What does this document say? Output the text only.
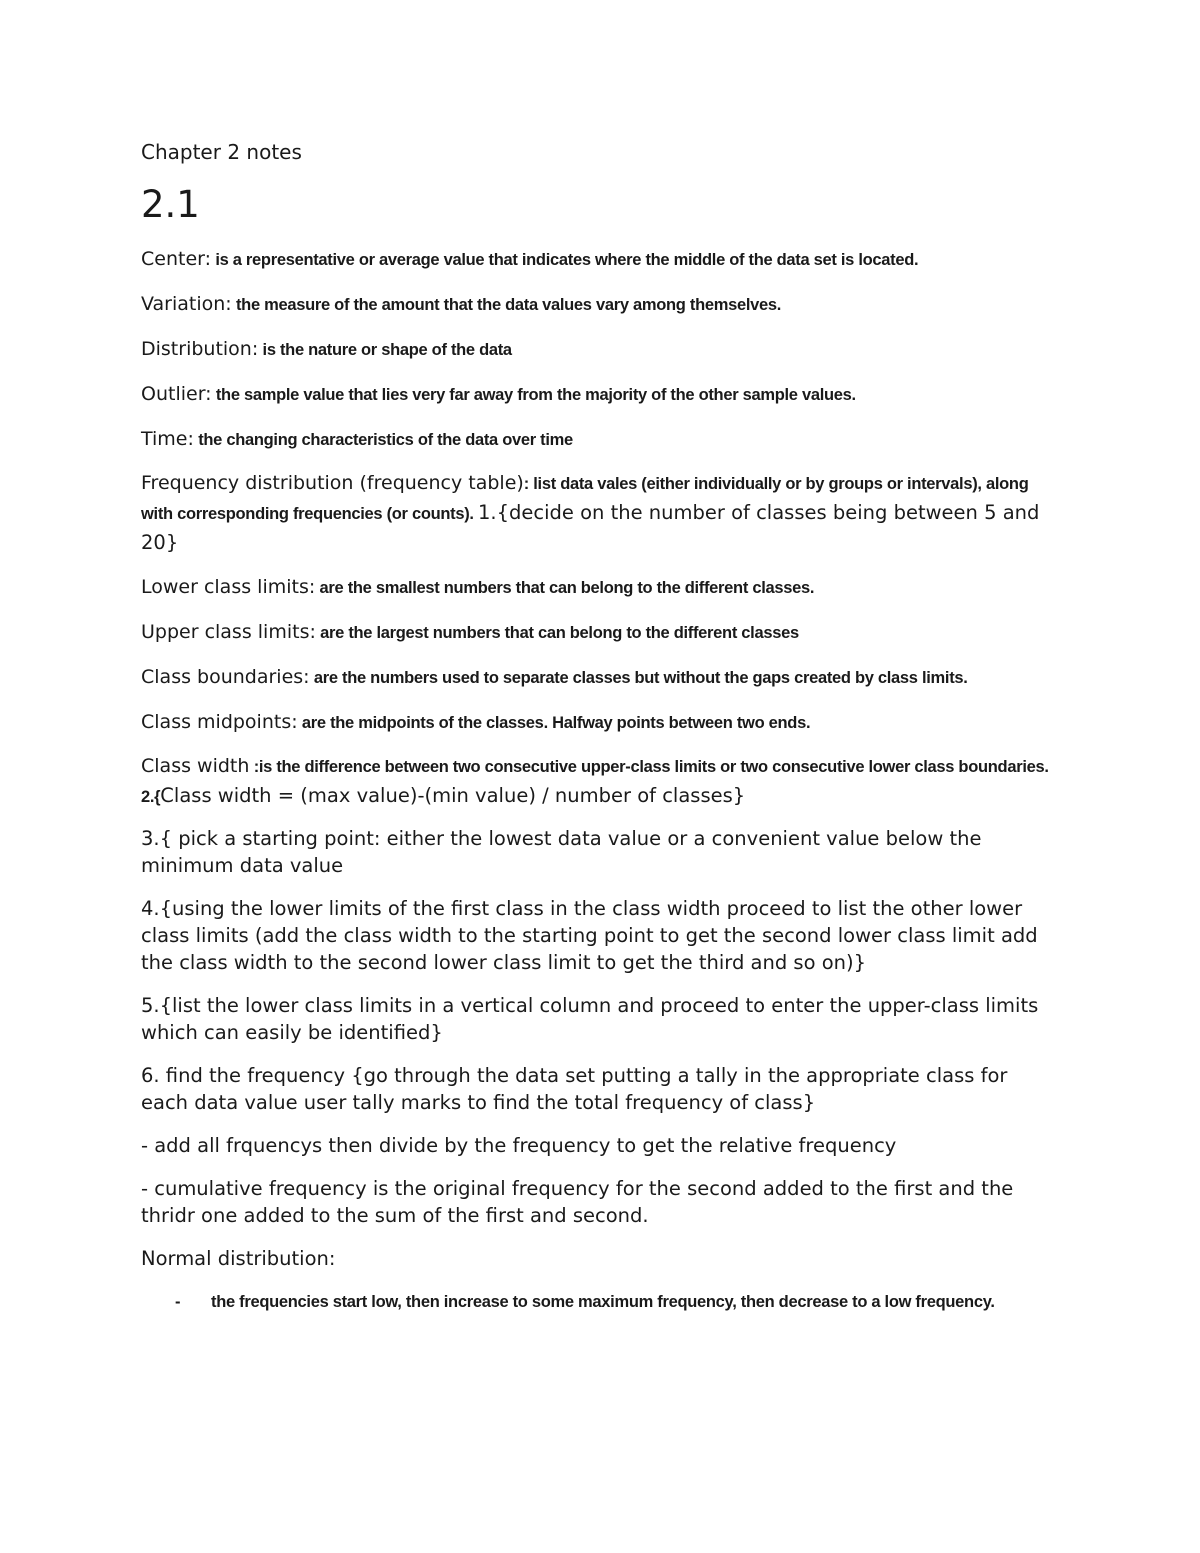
Chapter 2 notes
2.1

Center: is a representative or average value that indicates where the middle of the data set is located.

Variation: the measure of the amount that the data values vary among themselves.

Distribution: is the nature or shape of the data

Outlier: the sample value that lies very far away from the majority of the other sample values.

Time: the changing characteristics of the data over time

Frequency distribution (frequency table): list data vales (either individually or by groups or intervals), along with corresponding frequencies (or counts). 1.{decide on the number of classes being between 5 and 20}

Lower class limits: are the smallest numbers that can belong to the different classes.

Upper class limits: are the largest numbers that can belong to the different classes

Class boundaries: are the numbers used to separate classes but without the gaps created by class limits.

Class midpoints: are the midpoints of the classes. Halfway points between two ends.

Class width :is the difference between two consecutive upper-class limits or two consecutive lower class boundaries. 2.{Class width = (max value)-(min value) / number of classes}

3.{ pick a starting point: either the lowest data value or a convenient value below the minimum data value

4.{using the lower limits of the first class in the class width proceed to list the other lower class limits (add the class width to the starting point to get the second lower class limit add the class width to the second lower class limit to get the third and so on)}

5.{list the lower class limits in a vertical column and proceed to enter the upper-class limits which can easily be identified}

6. find the frequency {go through the data set putting a tally in the appropriate class for each data value user tally marks to find the total frequency of class}

- add all frquencys then divide by the frequency to get the relative frequency

- cumulative frequency is the original frequency for the second added to the first and the thridr one added to the sum of the first and second.

Normal distribution:

- the frequencies start low, then increase to some maximum frequency, then decrease to a low frequency.
